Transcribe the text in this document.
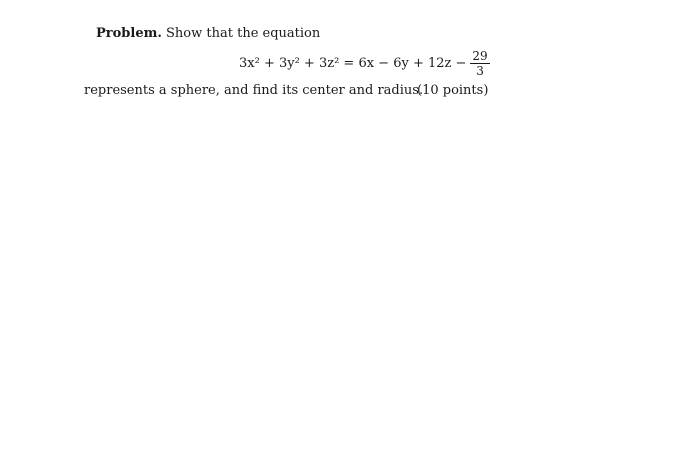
Problem. Show that the equation
$3x^2 + 3y^2 + 3z^2 = 6x - 6y + 12z - \frac{29}{3}$
represents a sphere, and find its center and radius.
(10 points)
